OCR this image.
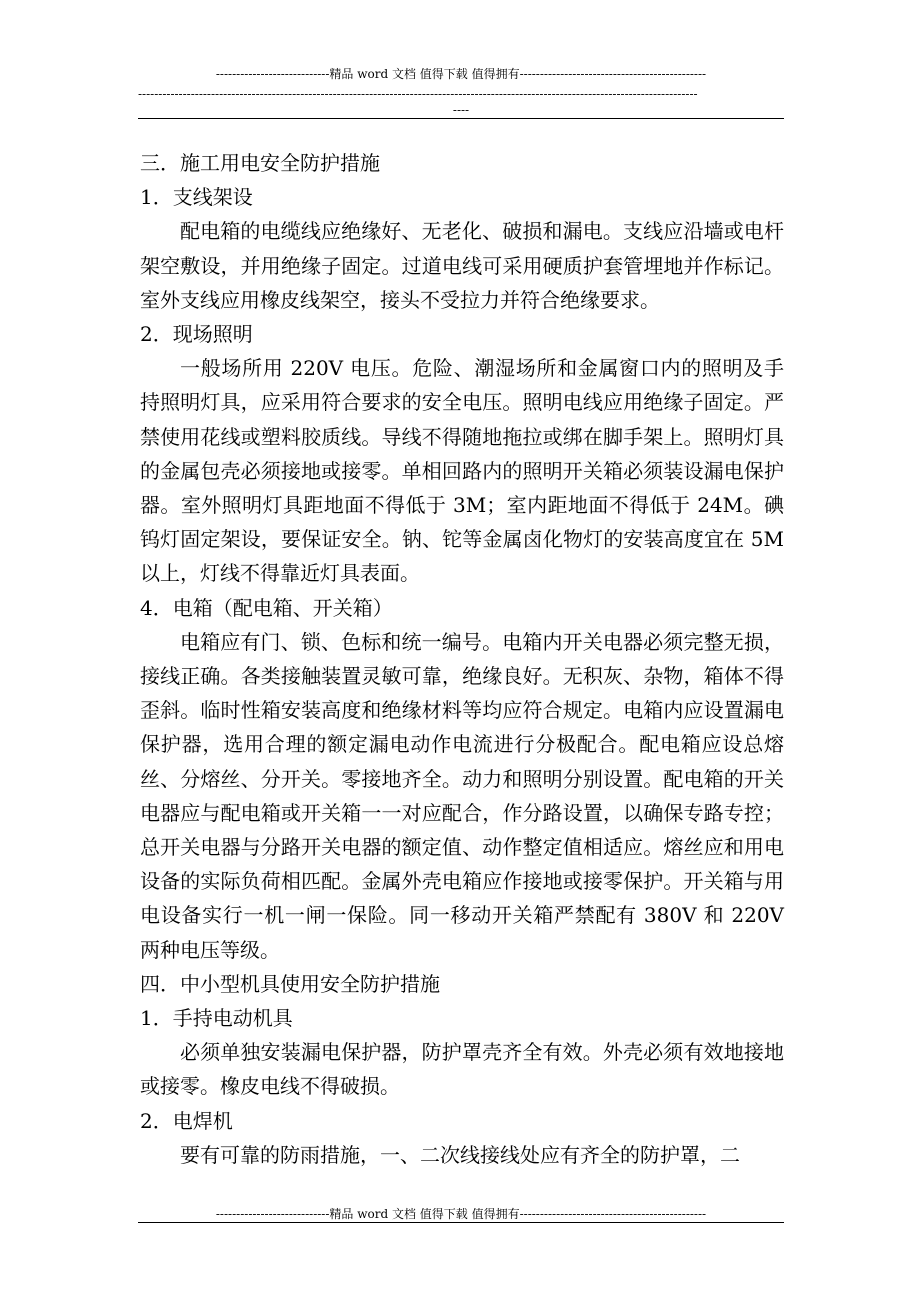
----------------------------精品 word 文档 值得下载 值得拥有----------------------------------------------
------------------------------------------------------------------------------------------------------------------------------------------
----

三．施工用电安全防护措施

1．支线架设

配电箱的电缆线应绝缘好、无老化、破损和漏电。支线应沿墙或电杆架空敷设，并用绝缘子固定。过道电线可采用硬质护套管埋地并作标记。室外支线应用橡皮线架空，接头不受拉力并符合绝缘要求。

2．现场照明

一般场所用 220V 电压。危险、潮湿场所和金属窗口内的照明及手持照明灯具，应采用符合要求的安全电压。照明电线应用绝缘子固定。严禁使用花线或塑料胶质线。导线不得随地拖拉或绑在脚手架上。照明灯具的金属包壳必须接地或接零。单相回路内的照明开关箱必须装设漏电保护器。室外照明灯具距地面不得低于 3M；室内距地面不得低于 24M。碘钨灯固定架设，要保证安全。钠、铊等金属卤化物灯的安装高度宜在 5M 以上，灯线不得靠近灯具表面。

4．电箱（配电箱、开关箱）

电箱应有门、锁、色标和统一编号。电箱内开关电器必须完整无损，接线正确。各类接触装置灵敏可靠，绝缘良好。无积灰、杂物，箱体不得歪斜。临时性箱安装高度和绝缘材料等均应符合规定。电箱内应设置漏电保护器，选用合理的额定漏电动作电流进行分极配合。配电箱应设总熔丝、分熔丝、分开关。零接地齐全。动力和照明分别设置。配电箱的开关电器应与配电箱或开关箱一一对应配合，作分路设置，以确保专路专控；总开关电器与分路开关电器的额定值、动作整定值相适应。熔丝应和用电设备的实际负荷相匹配。金属外壳电箱应作接地或接零保护。开关箱与用电设备实行一机一闸一保险。同一移动开关箱严禁配有 380V 和 220V 两种电压等级。

四．中小型机具使用安全防护措施

1．手持电动机具

必须单独安装漏电保护器，防护罩壳齐全有效。外壳必须有效地接地或接零。橡皮电线不得破损。

2．电焊机

要有可靠的防雨措施，一、二次线接线处应有齐全的防护罩，二

----------------------------精品 word 文档 值得下载 值得拥有----------------------------------------------
